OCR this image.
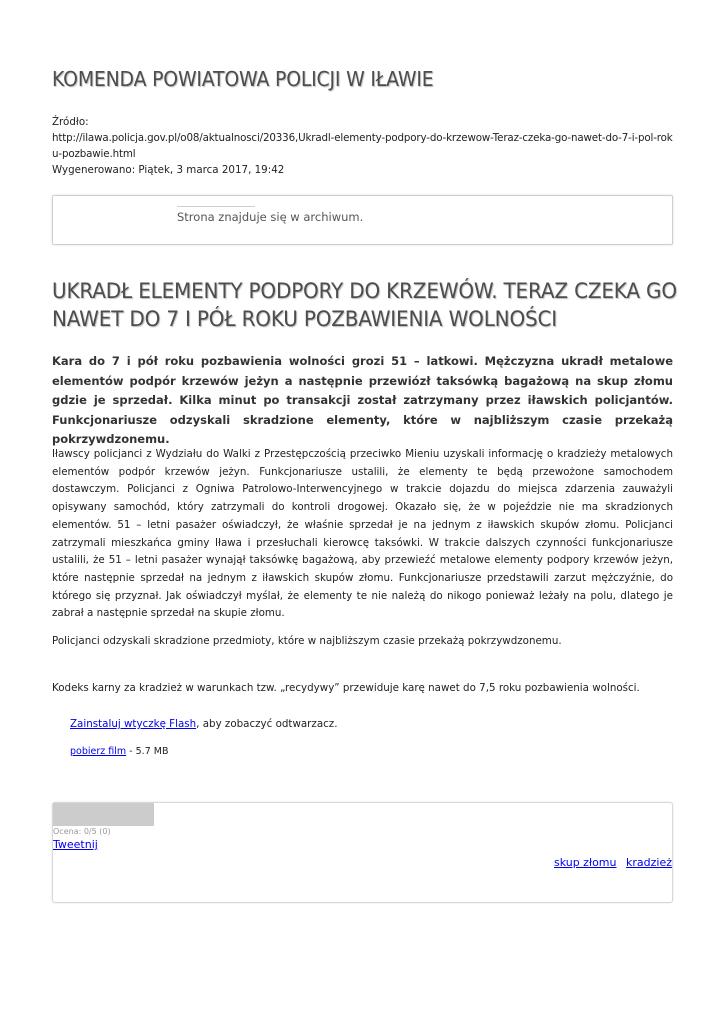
KOMENDA POWIATOWA POLICJI W IŁAWIE
Źródło:
http://ilawa.policja.gov.pl/o08/aktualnosci/20336,Ukradl-elementy-podpory-do-krzewow-Teraz-czeka-go-nawet-do-7-i-pol-roku-pozbawie.html
Wygenerowano: Piątek, 3 marca 2017, 19:42
Strona znajduje się w archiwum.
UKRADŁ ELEMENTY PODPORY DO KRZEWÓW. TERAZ CZEKA GO NAWET DO 7 I PÓŁ ROKU POZBAWIENIA WOLNOŚCI

Kara do 7 i pół roku pozbawienia wolności grozi 51 – latkowi. Mężczyzna ukradł metalowe elementów podpór krzewów jeżyn a następnie przewiózł taksówką bagażową na skup złomu gdzie je sprzedał. Kilka minut po transakcji został zatrzymany przez iławskich policjantów. Funkcjonariusze odzyskali skradzione elementy, które w najbliższym czasie przekażą pokrzywdzonemu.

Iławscy policjanci z Wydziału do Walki z Przestępczością przeciwko Mieniu uzyskali informację o kradzieży metalowych elementów podpór krzewów jeżyn. Funkcjonariusze ustalili, że elementy te będą przewożone samochodem dostawczym. Policjanci z Ogniwa Patrolowo-Interwencyjnego w trakcie dojazdu do miejsca zdarzenia zauważyli opisywany samochód, który zatrzymali do kontroli drogowej. Okazało się, że w pojeździe nie ma skradzionych elementów. 51 – letni pasażer oświadczył, że właśnie sprzedał je na jednym z iławskich skupów złomu. Policjanci zatrzymali mieszkańca gminy Iława i przesłuchali kierowcę taksówki. W trakcie dalszych czynności funkcjonariusze ustalili, że 51 – letni pasażer wynajął taksówkę bagażową, aby przewieźć metalowe elementy podpory krzewów jeżyn, które następnie sprzedał na jednym z iławskich skupów złomu. Funkcjonariusze przedstawili zarzut mężczyźnie, do którego się przyznał. Jak oświadczył myślał, że elementy te nie należą do nikogo ponieważ leżały na polu, dlatego je zabrał a następnie sprzedał na skupie złomu.

Policjanci odzyskali skradzione przedmioty, które w najbliższym czasie przekażą pokrzywdzonemu.
Kodeks karny za kradzież w warunkach tzw. „recydywy” przewiduje karę nawet do 7,5 roku pozbawienia wolności.
Zainstaluj wtyczkę Flash, aby zobaczyć odtwarzacz.
pobierz film - 5.7 MB
Ocena: 0/5 (0)
Tweetnij
skup złomu kradzież
